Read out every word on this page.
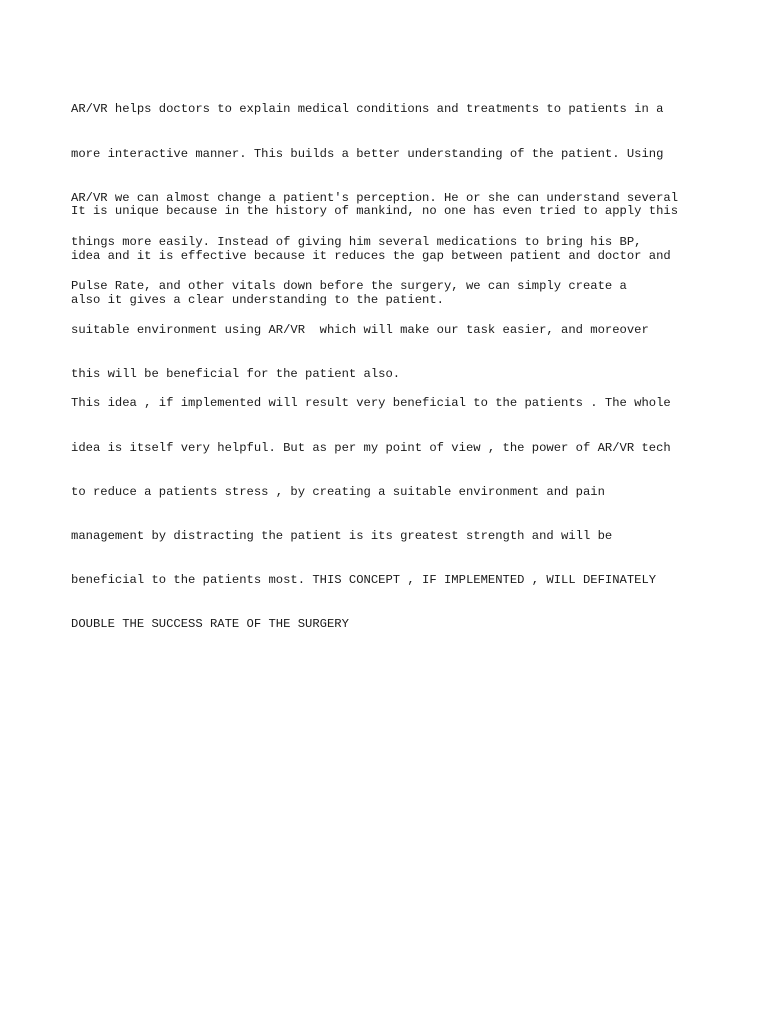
AR/VR helps doctors to explain medical conditions and treatments to patients in a

more interactive manner. This builds a better understanding of the patient. Using

AR/VR we can almost change a patient's perception. He or she can understand several

things more easily. Instead of giving him several medications to bring his BP,

Pulse Rate, and other vitals down before the surgery, we can simply create a

suitable environment using AR/VR  which will make our task easier, and moreover

this will be beneficial for the patient also.

It is unique because in the history of mankind, no one has even tried to apply this

idea and it is effective because it reduces the gap between patient and doctor and

also it gives a clear understanding to the patient.

This idea , if implemented will result very beneficial to the patients . The whole

idea is itself very helpful. But as per my point of view , the power of AR/VR tech

to reduce a patients stress , by creating a suitable environment and pain

management by distracting the patient is its greatest strength and will be

beneficial to the patients most. THIS CONCEPT , IF IMPLEMENTED , WILL DEFINATELY

DOUBLE THE SUCCESS RATE OF THE SURGERY
